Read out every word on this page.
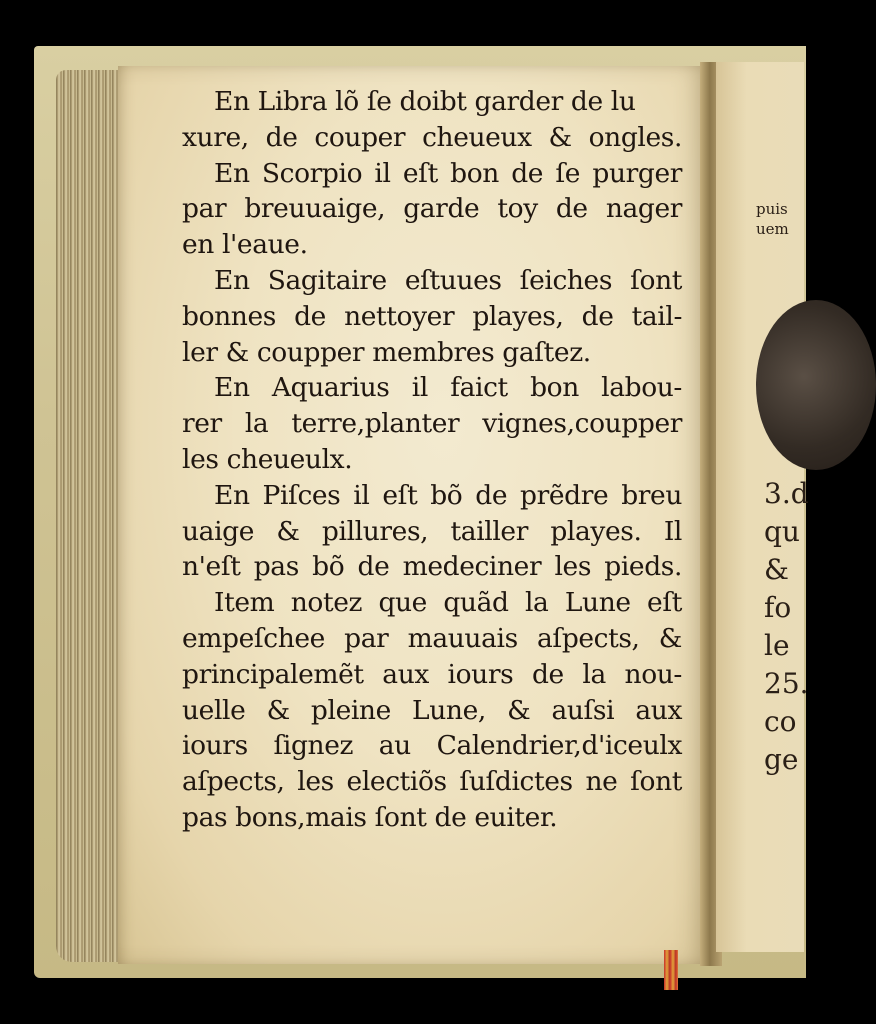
puis
uem
3.d
qu
&
fo
le
25.
co
ge
En Libra lõ ſe doibt garder de lu
xure, de couper cheueux & ongles.
En Scorpio il eſt bon de ſe purger
par breuuaige, garde toy de nager
en l'eaue.
En Sagitaire eſtuues ſeiches ſont
bonnes de nettoyer playes, de tail-
ler & coupper membres gaſtez.
En Aquarius il faict bon labou-
rer la terre,planter vignes,coupper
les cheueulx.
En Piſces il eſt bõ de prẽdre breu
uaige & pillures, tailler playes. Il
n'eſt pas bõ de medeciner les pieds.
Item notez que quãd la Lune eſt
empeſchee par mauuais aſpects, &
principalemẽt aux iours de la nou-
uelle & pleine Lune, & auſsi aux
iours ſignez au Calendrier,d'iceulx
aſpects, les electiõs ſuſdictes ne ſont
pas bons,mais ſont de euiter.
